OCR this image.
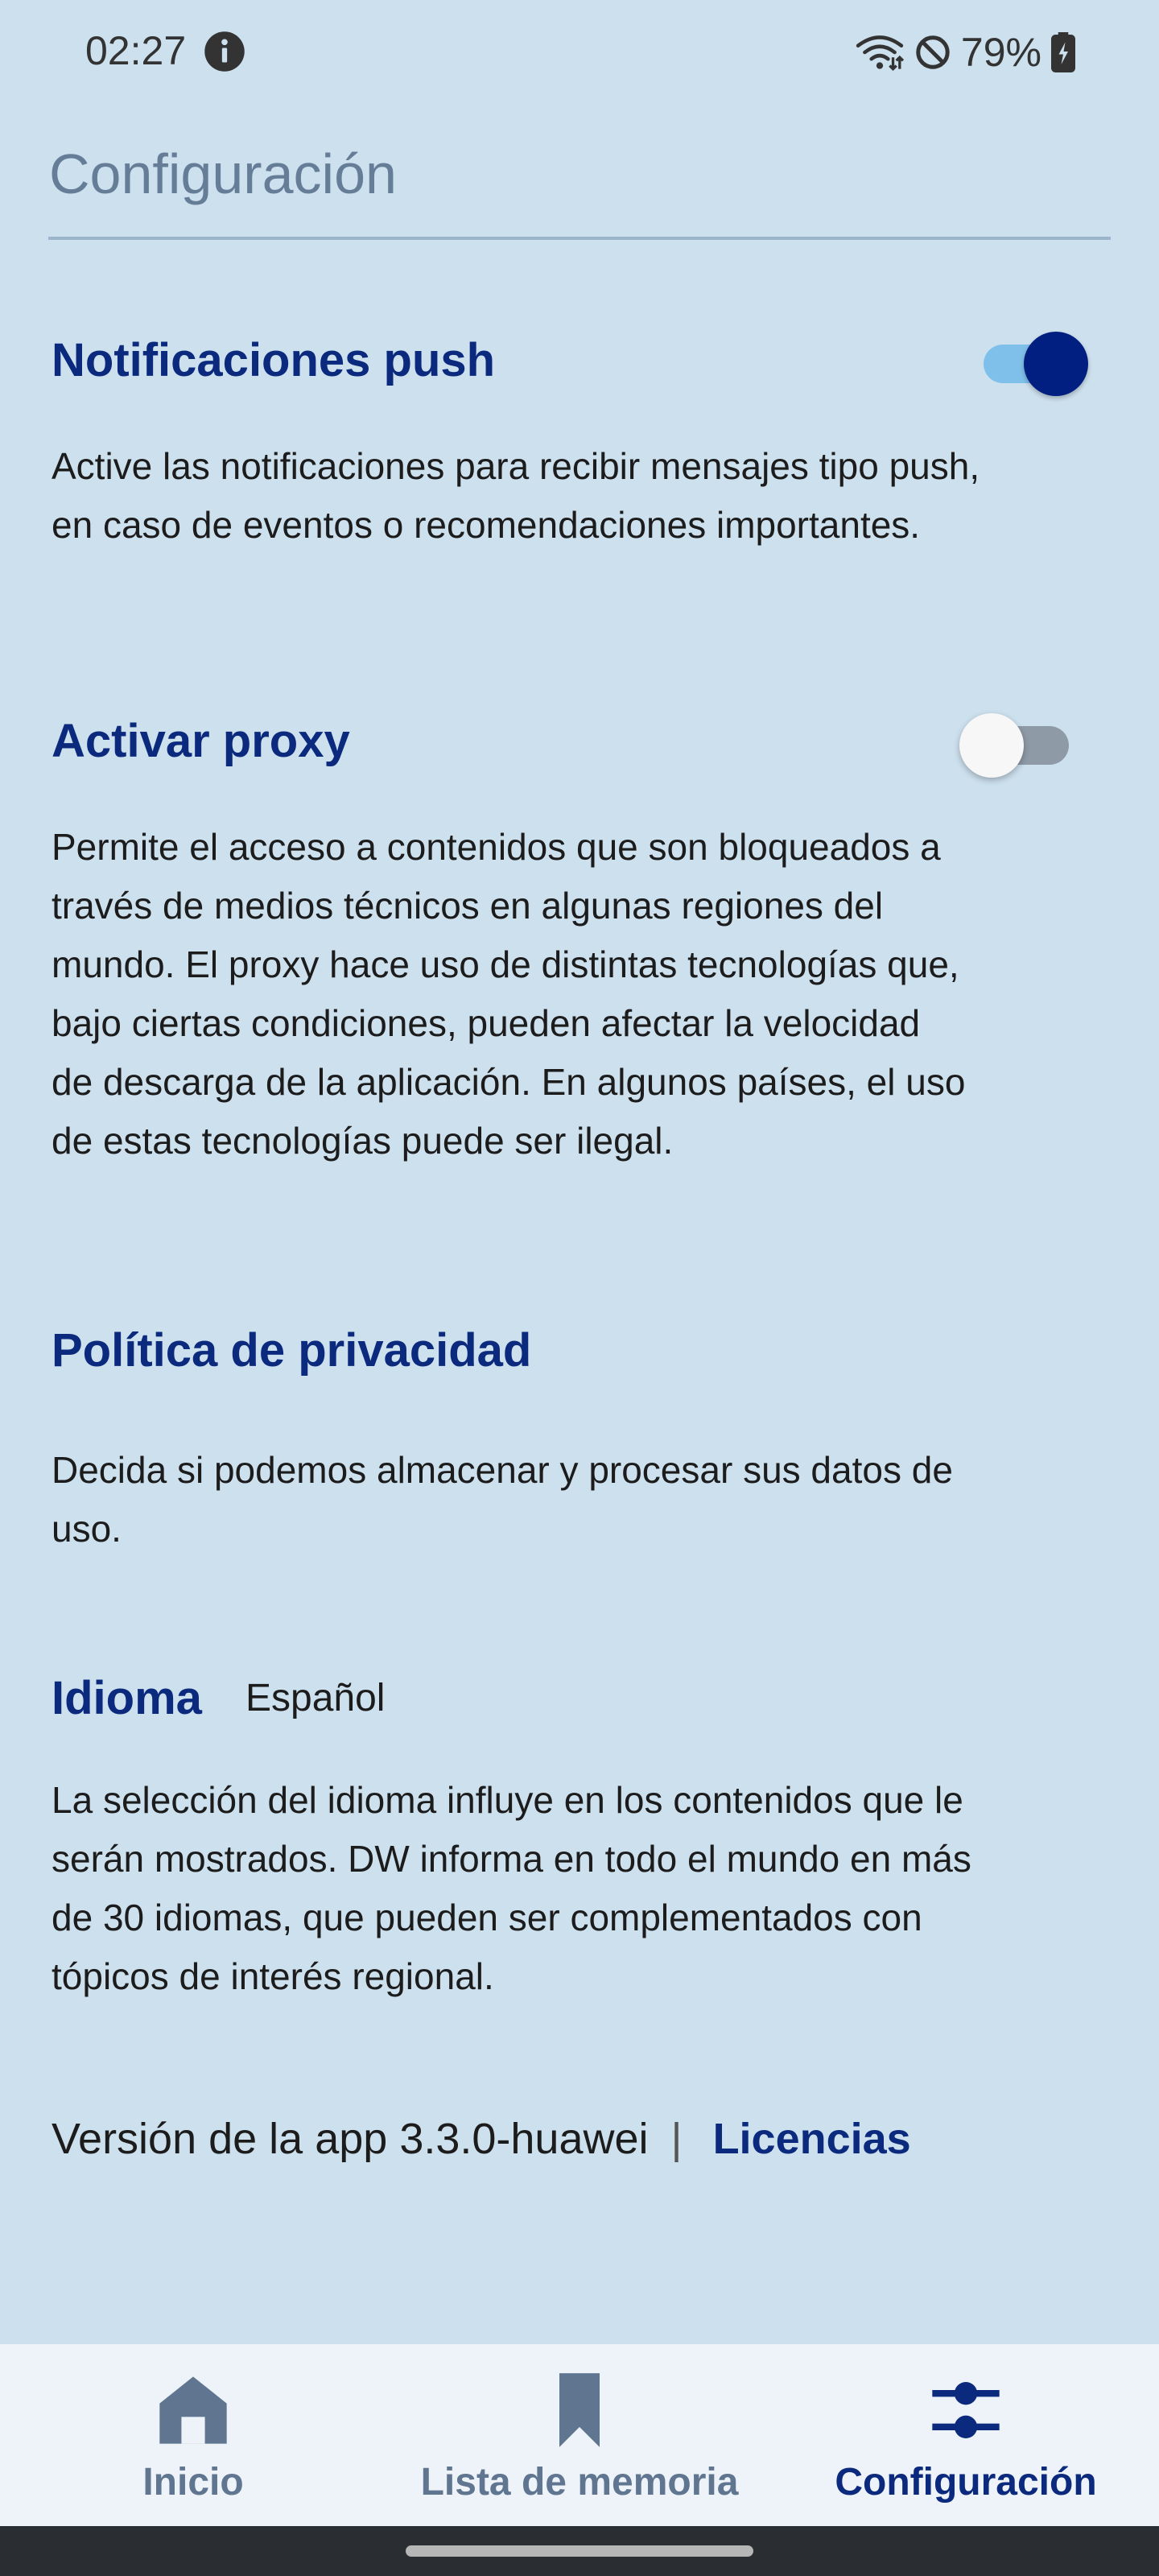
02:27	79%
Configuración
Notificaciones push
Active las notificaciones para recibir mensajes tipo push, en caso de eventos o recomendaciones importantes.
Activar proxy
Permite el acceso a contenidos que son bloqueados a través de medios técnicos en algunas regiones del mundo. El proxy hace uso de distintas tecnologías que, bajo ciertas condiciones, pueden afectar la velocidad de descarga de la aplicación. En algunos países, el uso de estas tecnologías puede ser ilegal.
Política de privacidad
Decida si podemos almacenar y procesar sus datos de uso.
Idioma Español
La selección del idioma influye en los contenidos que le serán mostrados. DW informa en todo el mundo en más de 30 idiomas, que pueden ser complementados con tópicos de interés regional.
Versión de la app 3.3.0-huawei | Licencias
Inicio	Lista de memoria Configuración
